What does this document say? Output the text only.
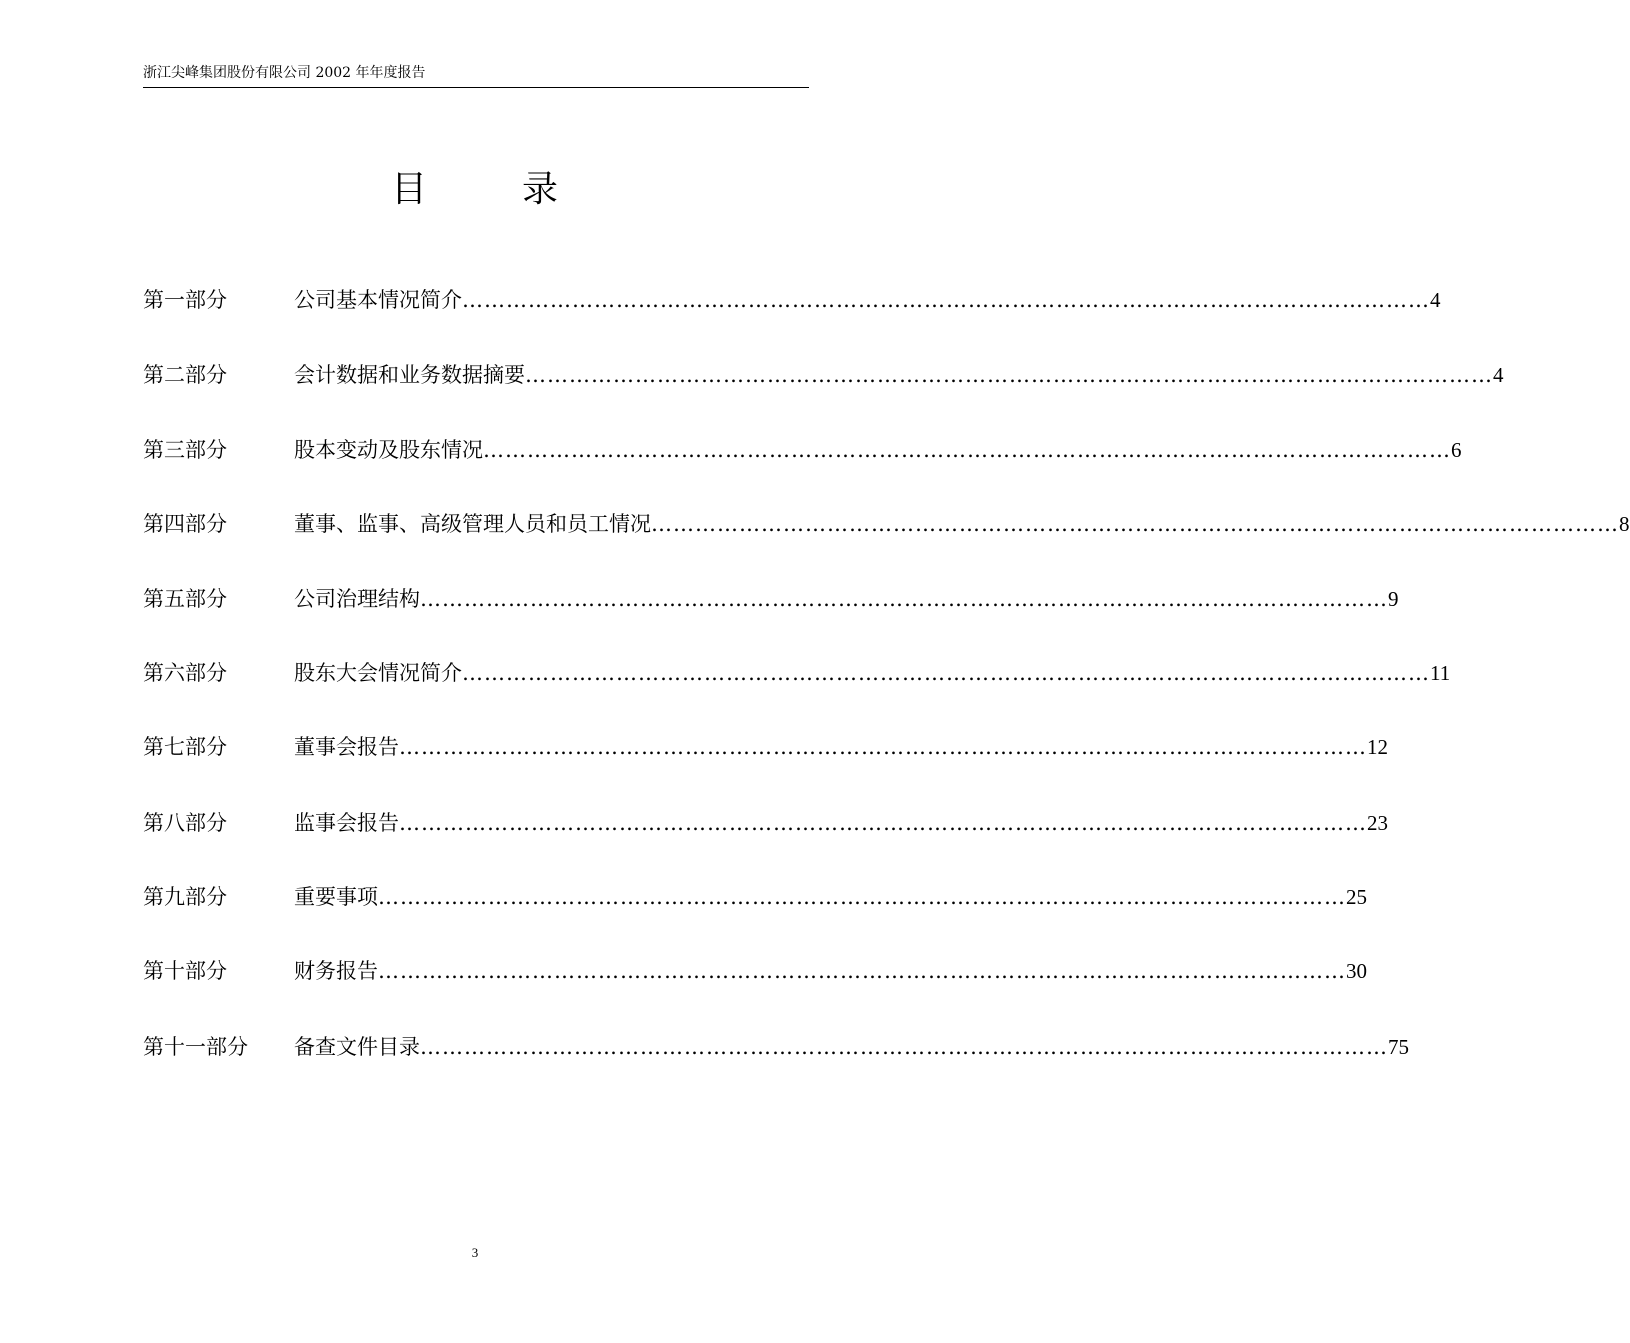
浙江尖峰集团股份有限公司 2002 年年度报告
目	录
第一部分	公司基本情况简介 …………………………………………………………………………………………………………………… 4
第二部分	会计数据和业务数据摘要 …………………………………………………………………………………………………………………… 4
第三部分	股本变动及股东情况 …………………………………………………………………………………………………………………… 6
第四部分	董事、监事、高级管理人员和员工情况 …………………………………………………………………………………………………………………… 8
第五部分	公司治理结构 …………………………………………………………………………………………………………………… 9
第六部分	股东大会情况简介 …………………………………………………………………………………………………………………… 11
第七部分	董事会报告 …………………………………………………………………………………………………………………… 12
第八部分	监事会报告 …………………………………………………………………………………………………………………… 23
第九部分	重要事项 …………………………………………………………………………………………………………………… 25
第十部分	财务报告 …………………………………………………………………………………………………………………… 30
第十一部分 备查文件目录 …………………………………………………………………………………………………………………… 75
3
